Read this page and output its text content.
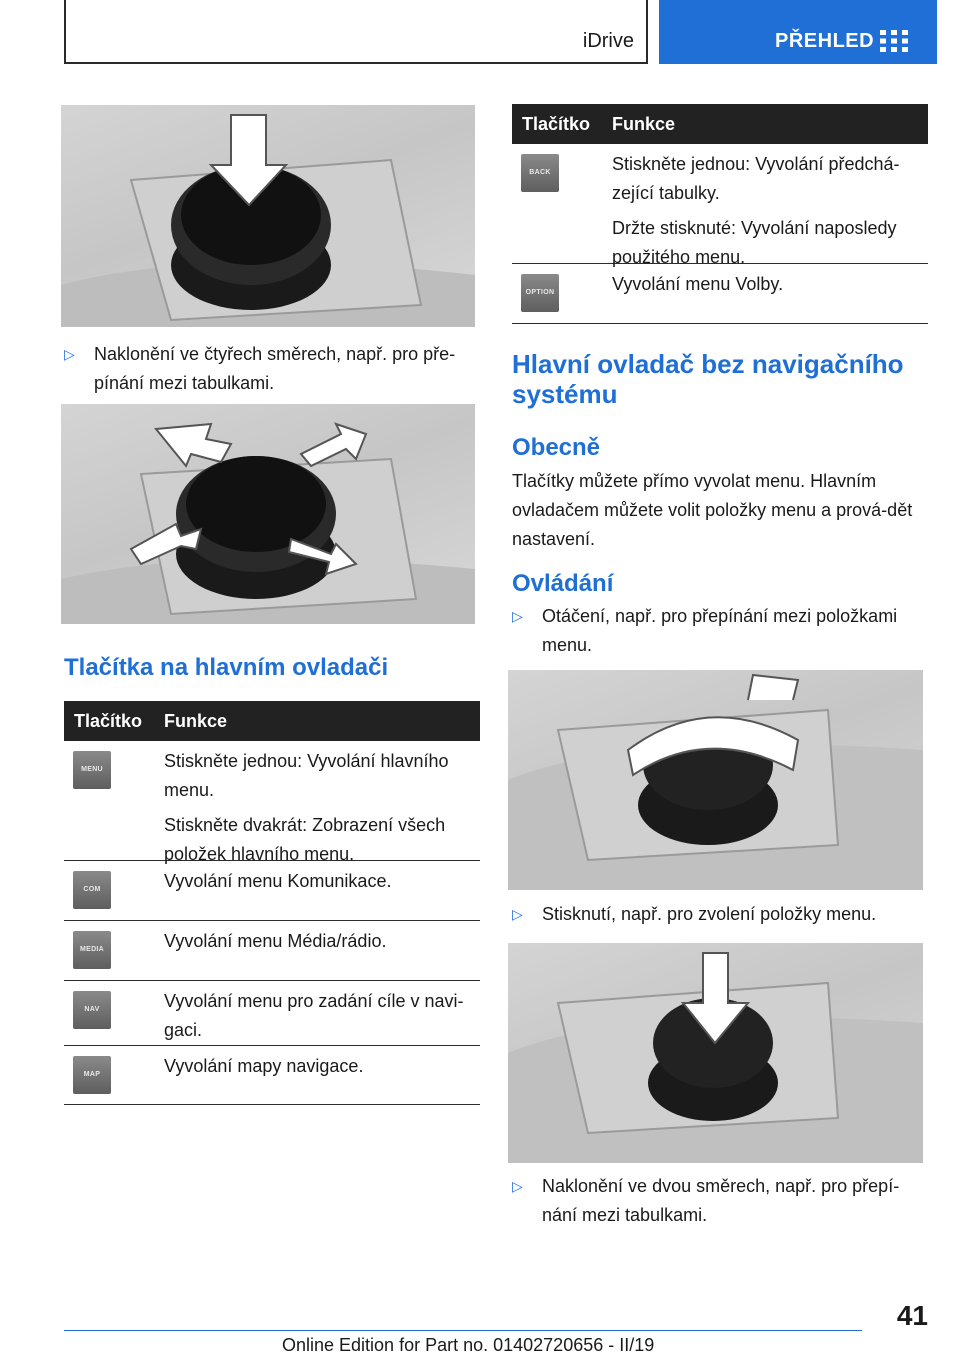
iDrive	PŘEHLED
▷	Naklonění ve čtyřech směrech, např. pro pře‐pínání mezi tabulkami.
Tlačítka na hlavním ovladači
Tlačítko Funkce
MENU	Stiskněte jednou: Vyvolání hlavního menu.

Stiskněte dvakrát: Zobrazení všech položek hlavního menu.

COM	Vyvolání menu Komunikace.

MEDIA	Vyvolání menu Média/rádio.

NAV	Vyvolání menu pro zadání cíle v navi‐gaci.

MAP	Vyvolání mapy navigace.

Tlačítko Funkce
BACK	Stiskněte jednou: Vyvolání předchá‐zející tabulky.

Držte stisknuté: Vyvolání naposledy použitého menu.

OPTION	Vyvolání menu Volby.

Hlavní ovladač bez navigačního systému
Obecně
Tlačítky můžete přímo vyvolat menu. Hlavním ovladačem můžete volit položky menu a prová‐dět nastavení.
Ovládání
▷	Otáčení, např. pro přepínání mezi položkami menu.
▷	Stisknutí, např. pro zvolení položky menu.
▷	Naklonění ve dvou směrech, např. pro přepí‐nání mezi tabulkami.
41
Online Edition for Part no. 01402720656 - II/19
